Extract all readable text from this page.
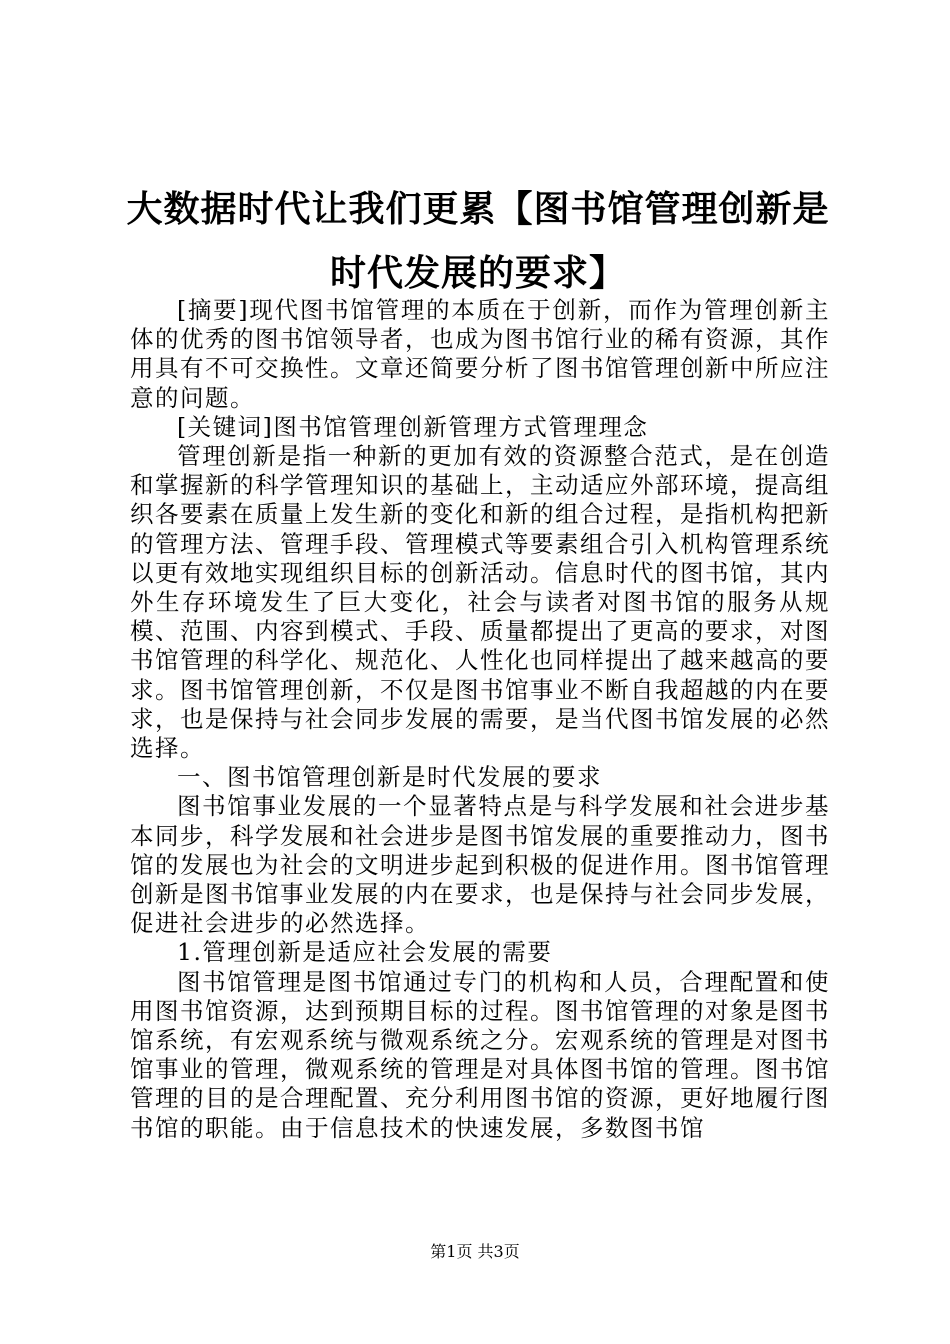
大数据时代让我们更累【图书馆管理创新是时代发展的要求】

[摘要]现代图书馆管理的本质在于创新，而作为管理创新主体的优秀的图书馆领导者，也成为图书馆行业的稀有资源，其作用具有不可交换性。文章还简要分析了图书馆管理创新中所应注意的问题。

[关键词]图书馆管理创新管理方式管理理念

管理创新是指一种新的更加有效的资源整合范式，是在创造和掌握新的科学管理知识的基础上，主动适应外部环境，提高组织各要素在质量上发生新的变化和新的组合过程，是指机构把新的管理方法、管理手段、管理模式等要素组合引入机构管理系统以更有效地实现组织目标的创新活动。信息时代的图书馆，其内外生存环境发生了巨大变化，社会与读者对图书馆的服务从规模、范围、内容到模式、手段、质量都提出了更高的要求，对图书馆管理的科学化、规范化、人性化也同样提出了越来越高的要求。图书馆管理创新，不仅是图书馆事业不断自我超越的内在要求，也是保持与社会同步发展的需要，是当代图书馆发展的必然选择。

一、图书馆管理创新是时代发展的要求

图书馆事业发展的一个显著特点是与科学发展和社会进步基本同步，科学发展和社会进步是图书馆发展的重要推动力，图书馆的发展也为社会的文明进步起到积极的促进作用。图书馆管理创新是图书馆事业发展的内在要求，也是保持与社会同步发展，促进社会进步的必然选择。

1.管理创新是适应社会发展的需要

图书馆管理是图书馆通过专门的机构和人员，合理配置和使用图书馆资源，达到预期目标的过程。图书馆管理的对象是图书馆系统，有宏观系统与微观系统之分。宏观系统的管理是对图书馆事业的管理，微观系统的管理是对具体图书馆的管理。图书馆管理的目的是合理配置、充分利用图书馆的资源，更好地履行图书馆的职能。由于信息技术的快速发展，多数图书馆

第1页 共3页
